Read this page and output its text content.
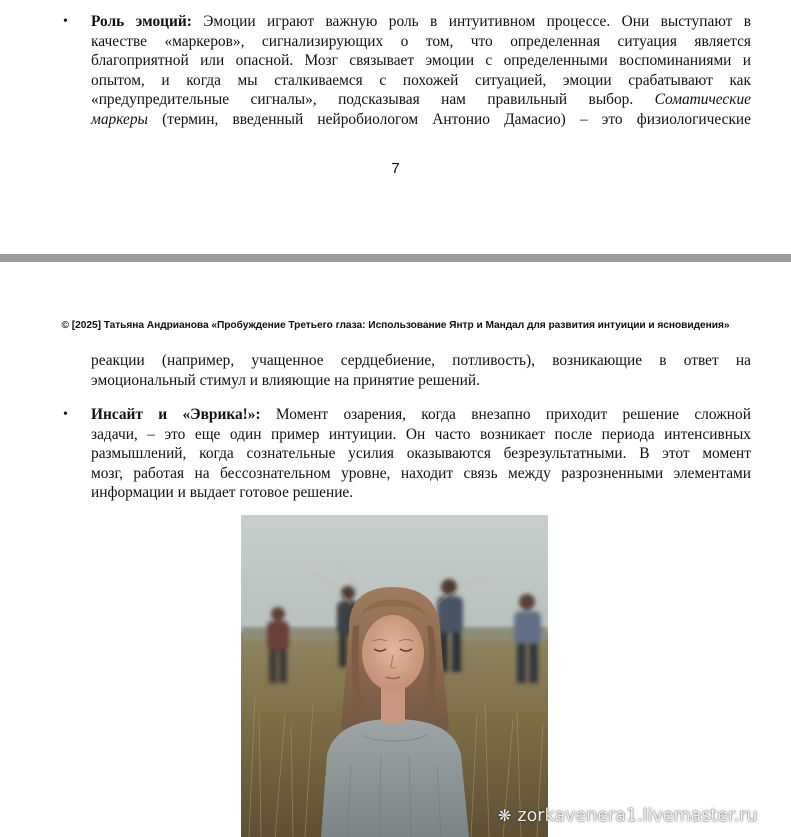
• Роль эмоций: Эмоции играют важную роль в интуитивном процессе. Они выступают в
качестве «маркеров», сигнализирующих о том, что определенная ситуация является
благоприятной или опасной. Мозг связывает эмоции с определенными воспоминаниями и
опытом, и когда мы сталкиваемся с похожей ситуацией, эмоции срабатывают как
«предупредительные сигналы», подсказывая нам правильный выбор. Соматические
маркеры (термин, введенный нейробиологом Антонио Дамасио) – это физиологические
7
© [2025] Татьяна Андрианова «Пробуждение Третьего глаза: Использование Янтр и Мандал для развития интуиции и ясновидения»
реакции (например, учащенное сердцебиение, потливость), возникающие в ответ на
эмоциональный стимул и влияющие на принятие решений.
• Инсайт и «Эврика!»: Момент озарения, когда внезапно приходит решение сложной
задачи, – это еще один пример интуиции. Он часто возникает после периода интенсивных
размышлений, когда сознательные усилия оказываются безрезультатными. В этот момент
мозг, работая на бессознательном уровне, находит связь между разрозненными элементами
информации и выдает готовое решение.
❋ zorkavenera1.livemaster.ru
